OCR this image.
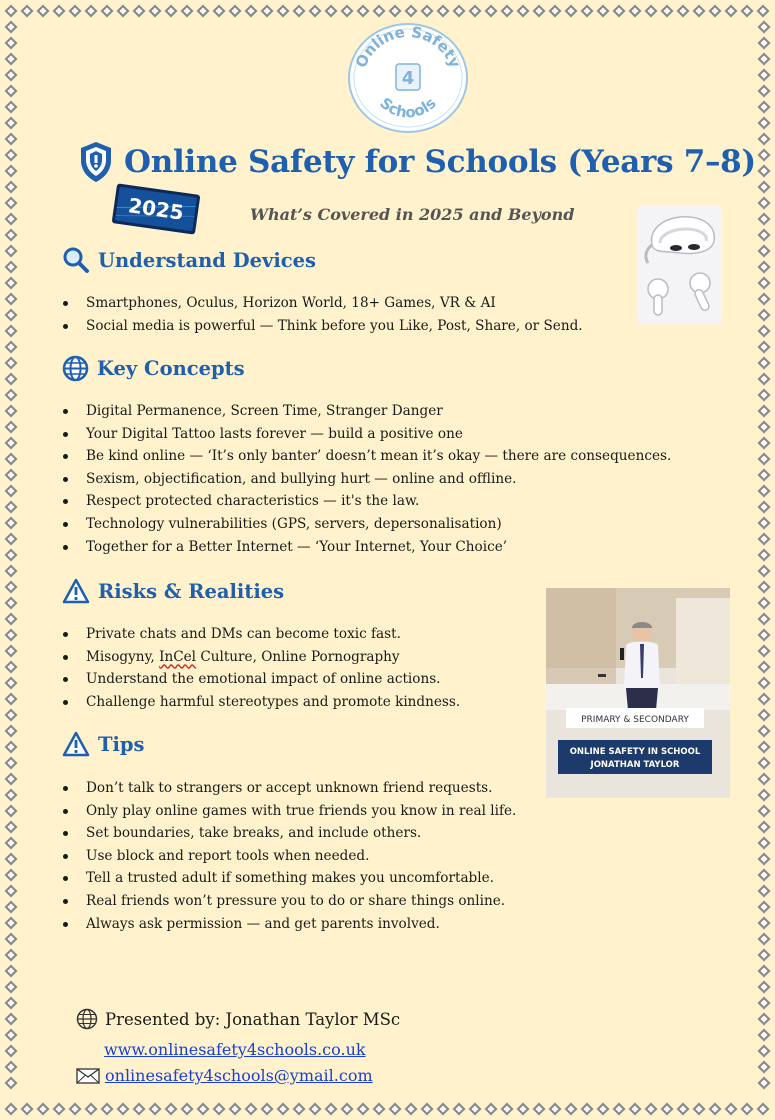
Online Safety
4
Schools
Online Safety for Schools (Years 7–8)
2025	What’s Covered in 2025 and Beyond
Understand Devices
Smartphones, Oculus, Horizon World, 18+ Games, VR & AI
Social media is powerful — Think before you Like, Post, Share, or Send.
Key Concepts
Digital Permanence, Screen Time, Stranger Danger
Your Digital Tattoo lasts forever — build a positive one
Be kind online — ‘It’s only banter’ doesn’t mean it’s okay — there are consequences.
Sexism, objectification, and bullying hurt — online and offline.
Respect protected characteristics — it's the law.
Technology vulnerabilities (GPS, servers, depersonalisation)
Together for a Better Internet — ‘Your Internet, Your Choice’
Risks & Realities
Private chats and DMs can become toxic fast.
Misogyny, InCel Culture, Online Pornography
Understand the emotional impact of online actions.
Challenge harmful stereotypes and promote kindness.
PRIMARY & SECONDARY
ONLINE SAFETY IN SCHOOL
JONATHAN TAYLOR
Tips
Don’t talk to strangers or accept unknown friend requests.
Only play online games with true friends you know in real life.
Set boundaries, take breaks, and include others.
Use block and report tools when needed.
Tell a trusted adult if something makes you uncomfortable.
Real friends won’t pressure you to do or share things online.
Always ask permission — and get parents involved.
Presented by: Jonathan Taylor MSc
www.onlinesafety4schools.co.uk
onlinesafety4schools@ymail.com
